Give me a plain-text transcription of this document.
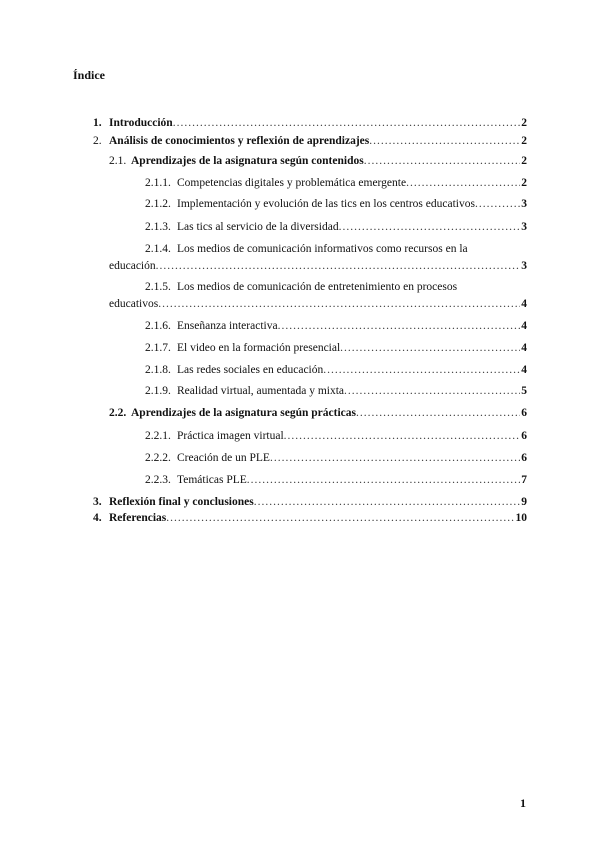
Índice
1. Introducción .....	2
2. Análisis de conocimientos y reflexión de aprendizajes .....	2
2.1. Aprendizajes de la asignatura según contenidos .....	2
2.1.1. Competencias digitales y problemática emergente .....	2
2.1.2. Implementación y evolución de las tics en los centros educativos .....	3
2.1.3. Las tics al servicio de la diversidad .....	3
2.1.4. Los medios de comunicación informativos como recursos en la
educación .....	3
2.1.5. Los medios de comunicación de entretenimiento en procesos
educativos .....	4
2.1.6. Enseñanza interactiva .....	4
2.1.7. El video en la formación presencial .....	4
2.1.8. Las redes sociales en educación .....	4
2.1.9. Realidad virtual, aumentada y mixta .....	5
2.2. Aprendizajes de la asignatura según prácticas .....	6
2.2.1. Práctica imagen virtual .....	6
2.2.2. Creación de un PLE .....	6
2.2.3. Temáticas PLE .....	7
3. Reflexión final y conclusiones .....	9
4. Referencias .....	10
1
